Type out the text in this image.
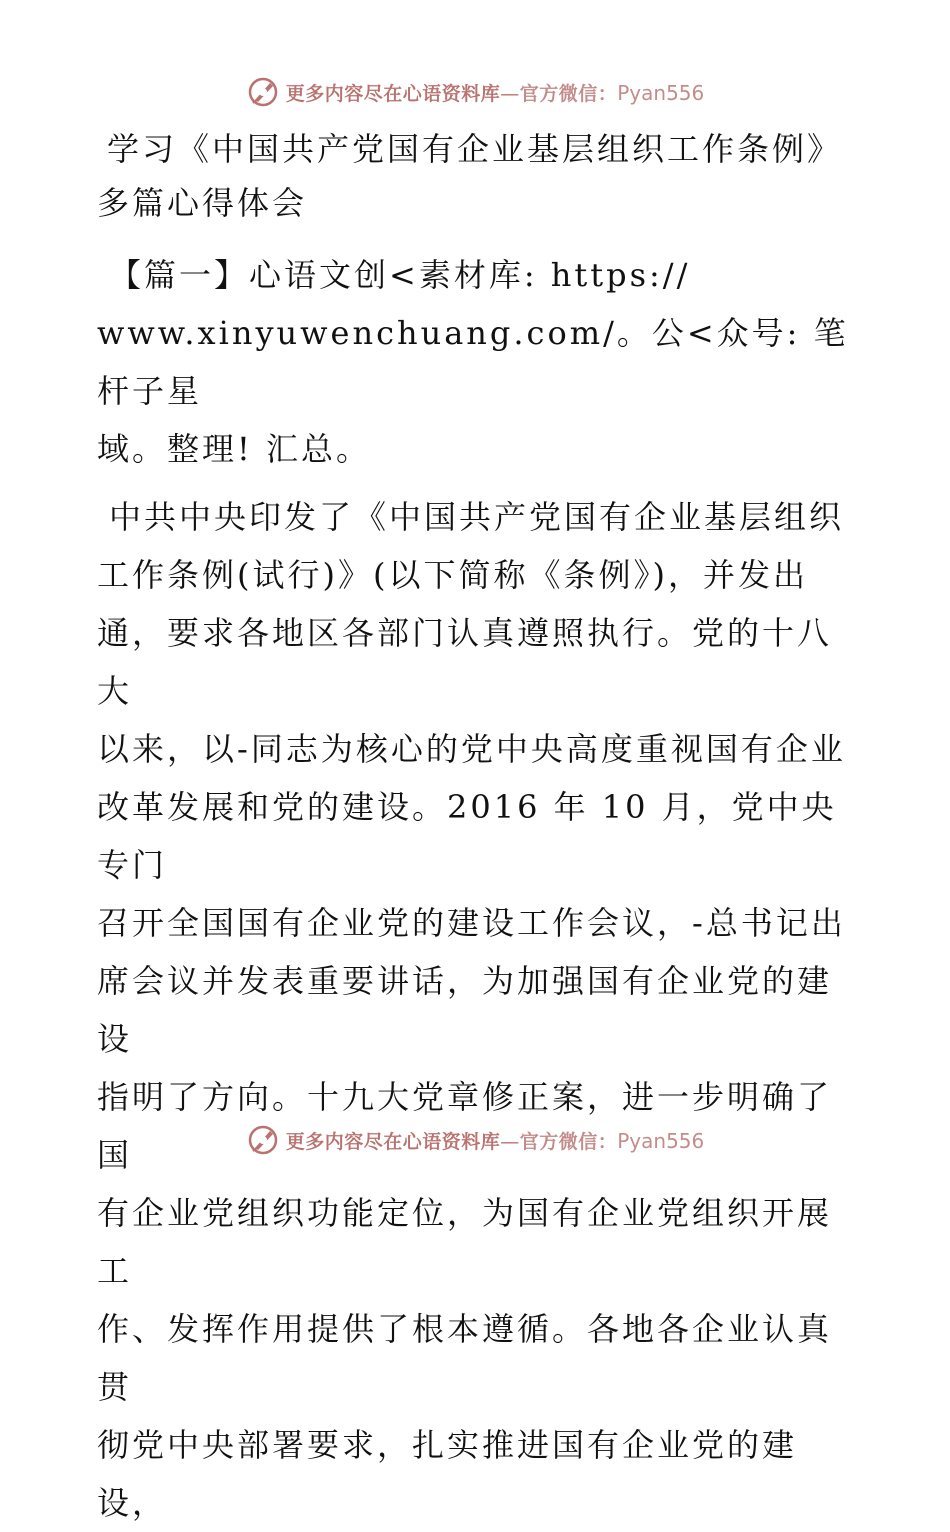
更多内容尽在心语资料库—官方微信：Pyan556
学习《中国共产党国有企业基层组织工作条例》
多篇心得体会
【篇一】心语文创<素材库: https://
www.xinyuwenchuang.com/。公<众号: 笔杆子星
域。整理! 汇总。
中共中央印发了《中国共产党国有企业基层组织
工作条例(试行)》(以下简称《条例》)，并发出
通，要求各地区各部门认真遵照执行。党的十八大
以来，以-同志为核心的党中央高度重视国有企业
改革发展和党的建设。2016 年 10 月，党中央专门
召开全国国有企业党的建设工作会议，-总书记出
席会议并发表重要讲话，为加强国有企业党的建设
指明了方向。十九大党章修正案，进一步明确了国
有企业党组织功能定位，为国有企业党组织开展工
作、发挥作用提供了根本遵循。各地各企业认真贯
彻党中央部署要求，扎实推进国有企业党的建设，
更多内容尽在心语资料库—官方微信：Pyan556
